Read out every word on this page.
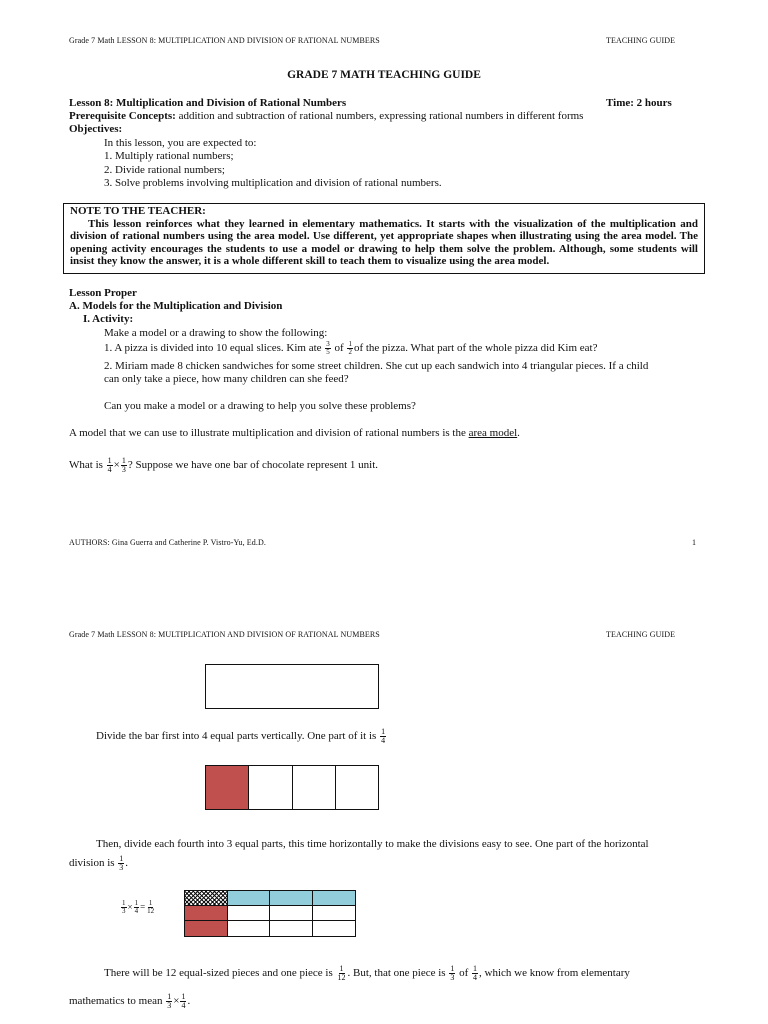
Grade 7 Math LESSON 8: MULTIPLICATION AND DIVISION OF RATIONAL NUMBERS	TEACHING GUIDE
GRADE 7 MATH TEACHING GUIDE
Lesson 8: Multiplication and Division of Rational Numbers	Time: 2 hours
Prerequisite Concepts: addition and subtraction of rational numbers, expressing rational numbers in different forms
Objectives:
In this lesson, you are expected to:
1. Multiply rational numbers;
2. Divide rational numbers;
3. Solve problems involving multiplication and division of rational numbers.

NOTE TO THE TEACHER:

This lesson reinforces what they learned in elementary mathematics. It starts with the visualization of the multiplication and division of rational numbers using the area model. Use different, yet appropriate shapes when illustrating using the area model. The opening activity encourages the students to use a model or drawing to help them solve the problem. Although, some students will insist they know the answer, it is a whole different skill to teach them to visualize using the area model.

Lesson Proper
A. Models for the Multiplication and Division
I. Activity:
Make a model or a drawing to show the following:
1. A pizza is divided into 10 equal slices. Kim ate $\frac{3}{5}$ of $\frac{1}{2}$ of the pizza. What part of the whole pizza did Kim eat?
2. Miriam made 8 chicken sandwiches for some street children. She cut up each sandwich into 4 triangular pieces. If a child
can only take a piece, how many children can she feed?
Can you make a model or a drawing to help you solve these problems?
A model that we can use to illustrate multiplication and division of rational numbers is the area model.
What is $\frac{1}{4} \times \frac{1}{3}$ ? Suppose we have one bar of chocolate represent 1 unit.
AUTHORS: Gina Guerra and Catherine P. Vistro-Yu, Ed.D.	1
Grade 7 Math LESSON 8: MULTIPLICATION AND DIVISION OF RATIONAL NUMBERS	TEACHING GUIDE
Divide the bar first into 4 equal parts vertically. One part of it is $\frac{1}{4}$
Then, divide each fourth into 3 equal parts, this time horizontally to make the divisions easy to see. One part of the horizontal
division is $\frac{1}{3}$ .
$\frac{1}{3} \times \frac{1}{4} = \frac{1}{12}$
There will be 12 equal-sized pieces and one piece is $\frac{1}{12}$ . But, that one piece is $\frac{1}{3}$ of $\frac{1}{4}$ , which we know from elementary
mathematics to mean $\frac{1}{3} \times \frac{1}{4}$ .
